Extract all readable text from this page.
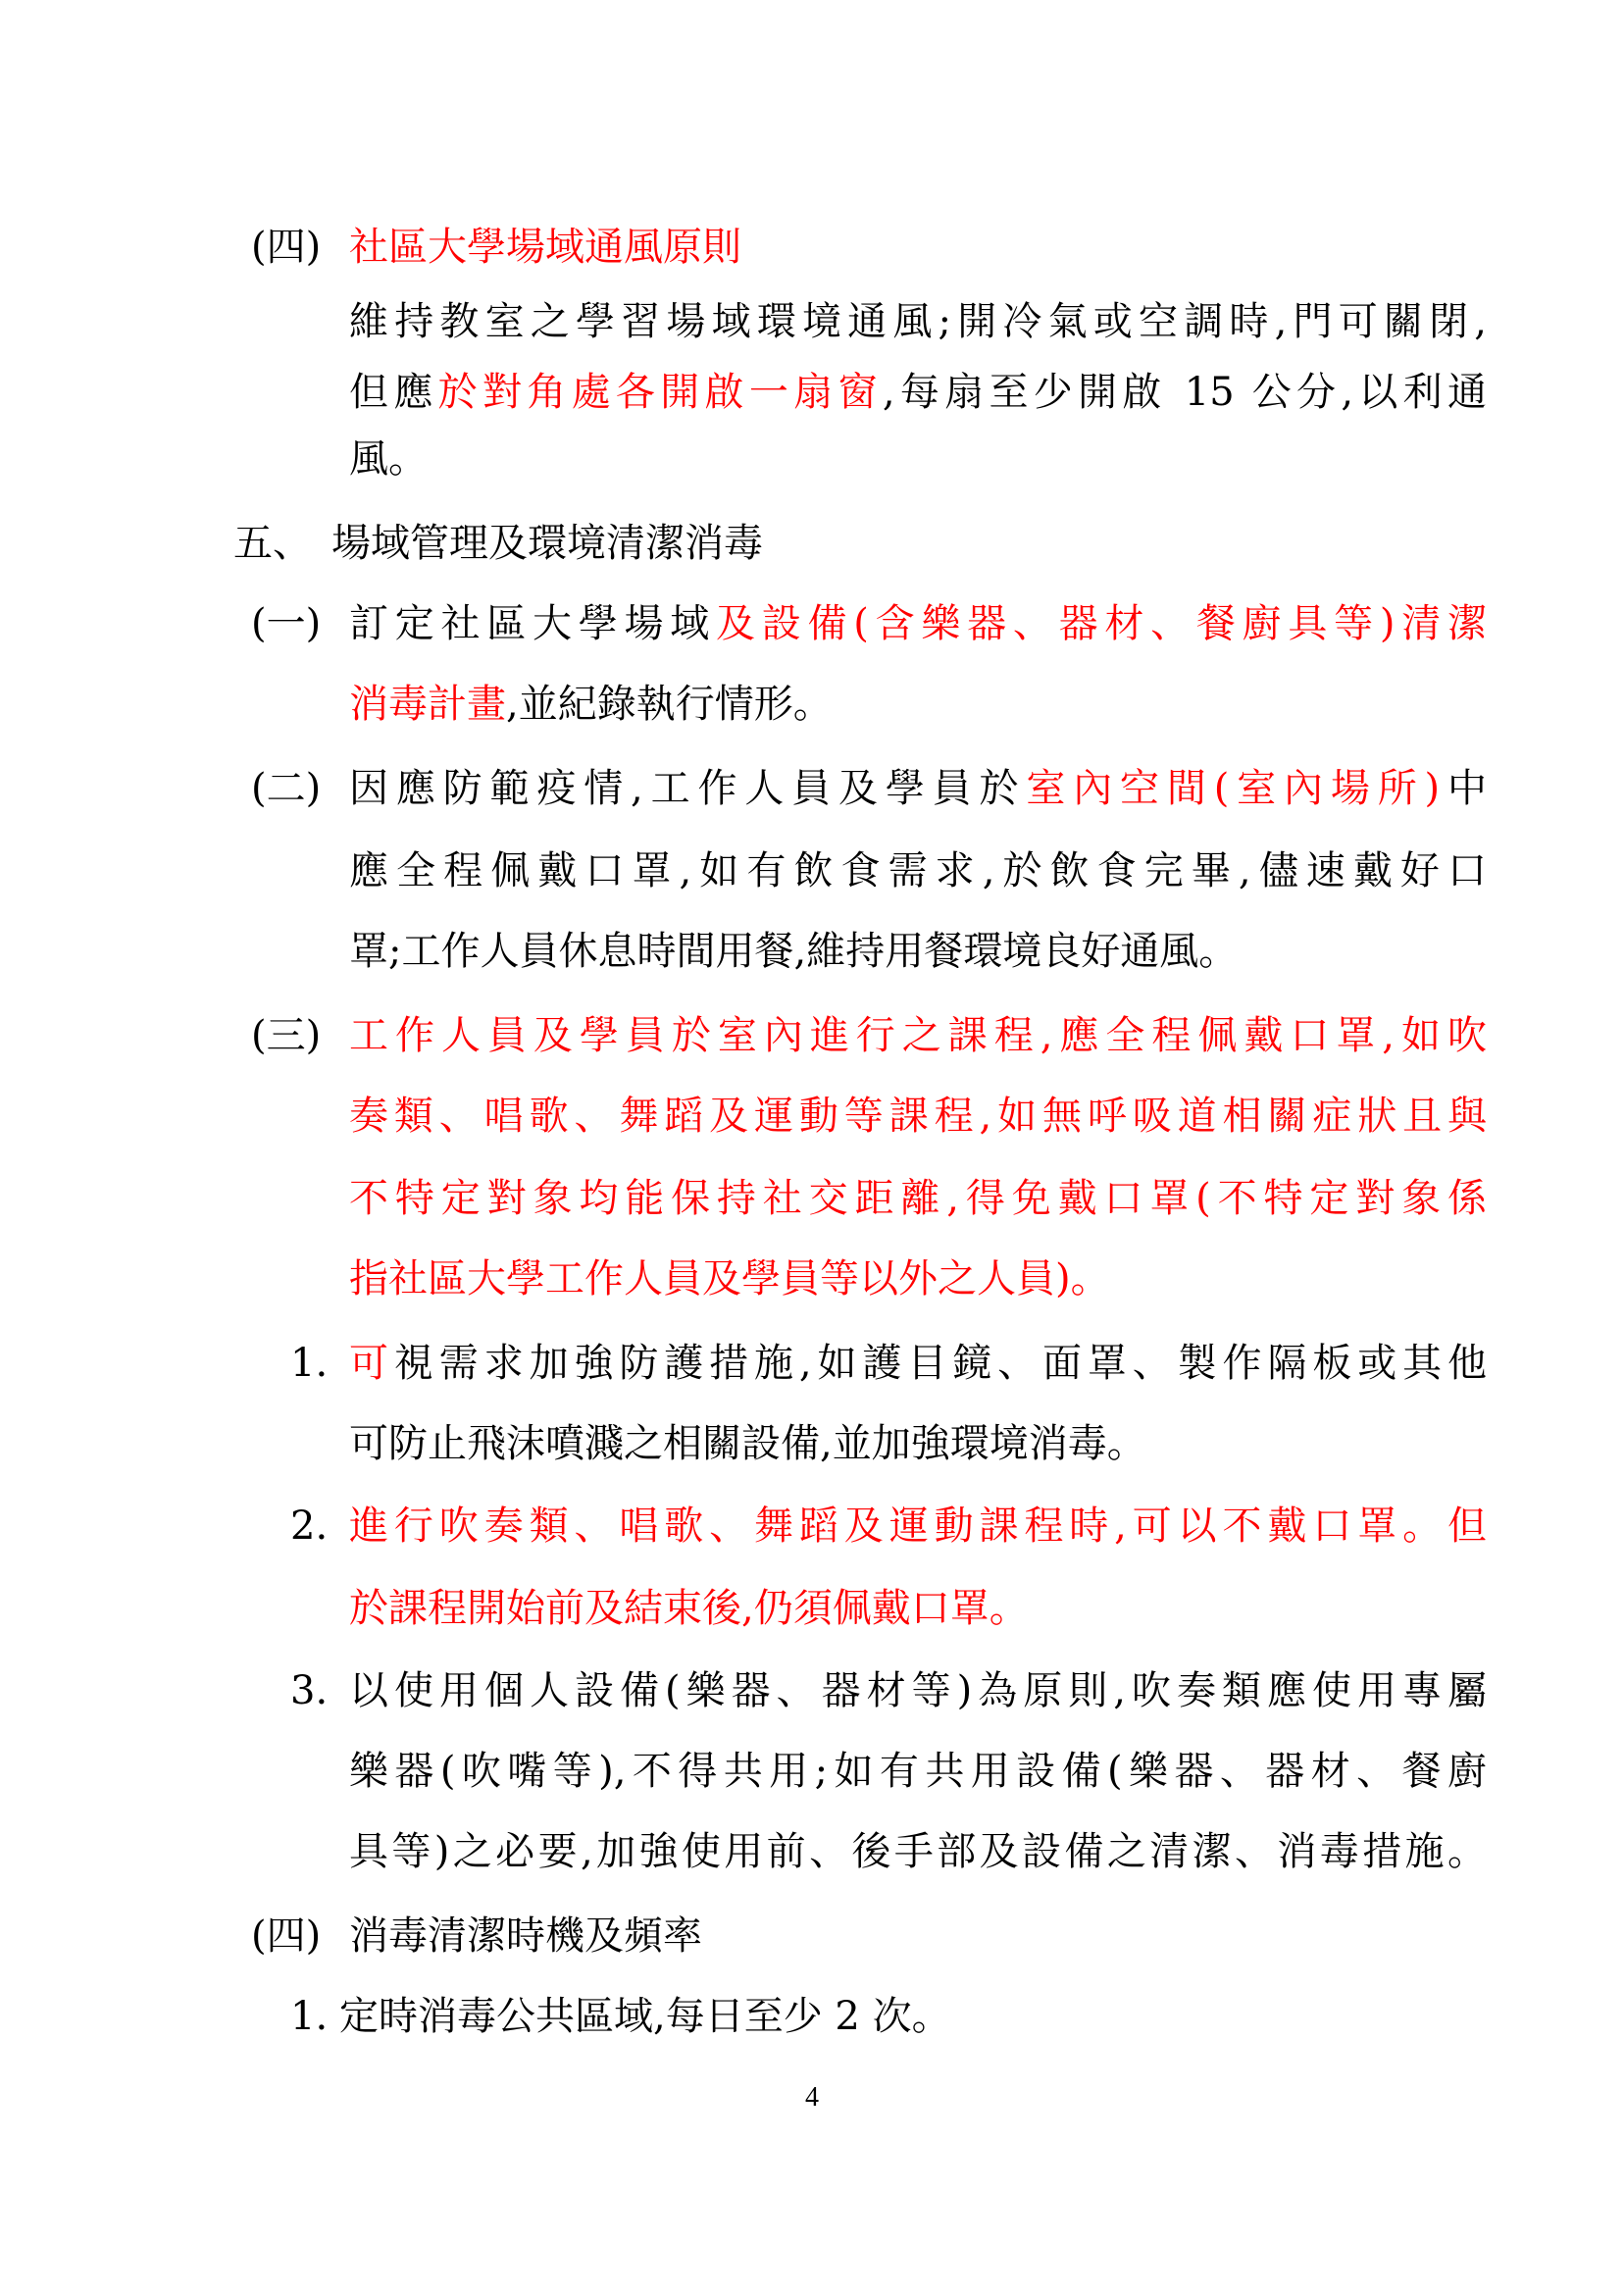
(四) 社區大學場域通風原則
維持教室之學習場域環境通風;開冷氣或空調時,門可關閉,
但應於對角處各開啟一扇窗,每扇至少開啟 15 公分,以利通
風。
五、 場域管理及環境清潔消毒
(一) 訂定社區大學場域及設備(含樂器、器材、餐廚具等)清潔
消毒計畫,並紀錄執行情形。
(二) 因應防範疫情,工作人員及學員於室內空間(室內場所)中
應全程佩戴口罩,如有飲食需求,於飲食完畢,儘速戴好口
罩;工作人員休息時間用餐,維持用餐環境良好通風。
(三) 工作人員及學員於室內進行之課程,應全程佩戴口罩,如吹
奏類、唱歌、舞蹈及運動等課程,如無呼吸道相關症狀且與
不特定對象均能保持社交距離,得免戴口罩(不特定對象係
指社區大學工作人員及學員等以外之人員)。
1. 可視需求加強防護措施,如護目鏡、面罩、製作隔板或其他
可防止飛沫噴濺之相關設備,並加強環境消毒。
2. 進行吹奏類、唱歌、舞蹈及運動課程時,可以不戴口罩。但
於課程開始前及結束後,仍須佩戴口罩。
3. 以使用個人設備(樂器、器材等)為原則,吹奏類應使用專屬
樂器(吹嘴等),不得共用;如有共用設備(樂器、器材、餐廚
具等)之必要,加強使用前、後手部及設備之清潔、消毒措施。
(四) 消毒清潔時機及頻率
1. 定時消毒公共區域,每日至少 2 次。
4
